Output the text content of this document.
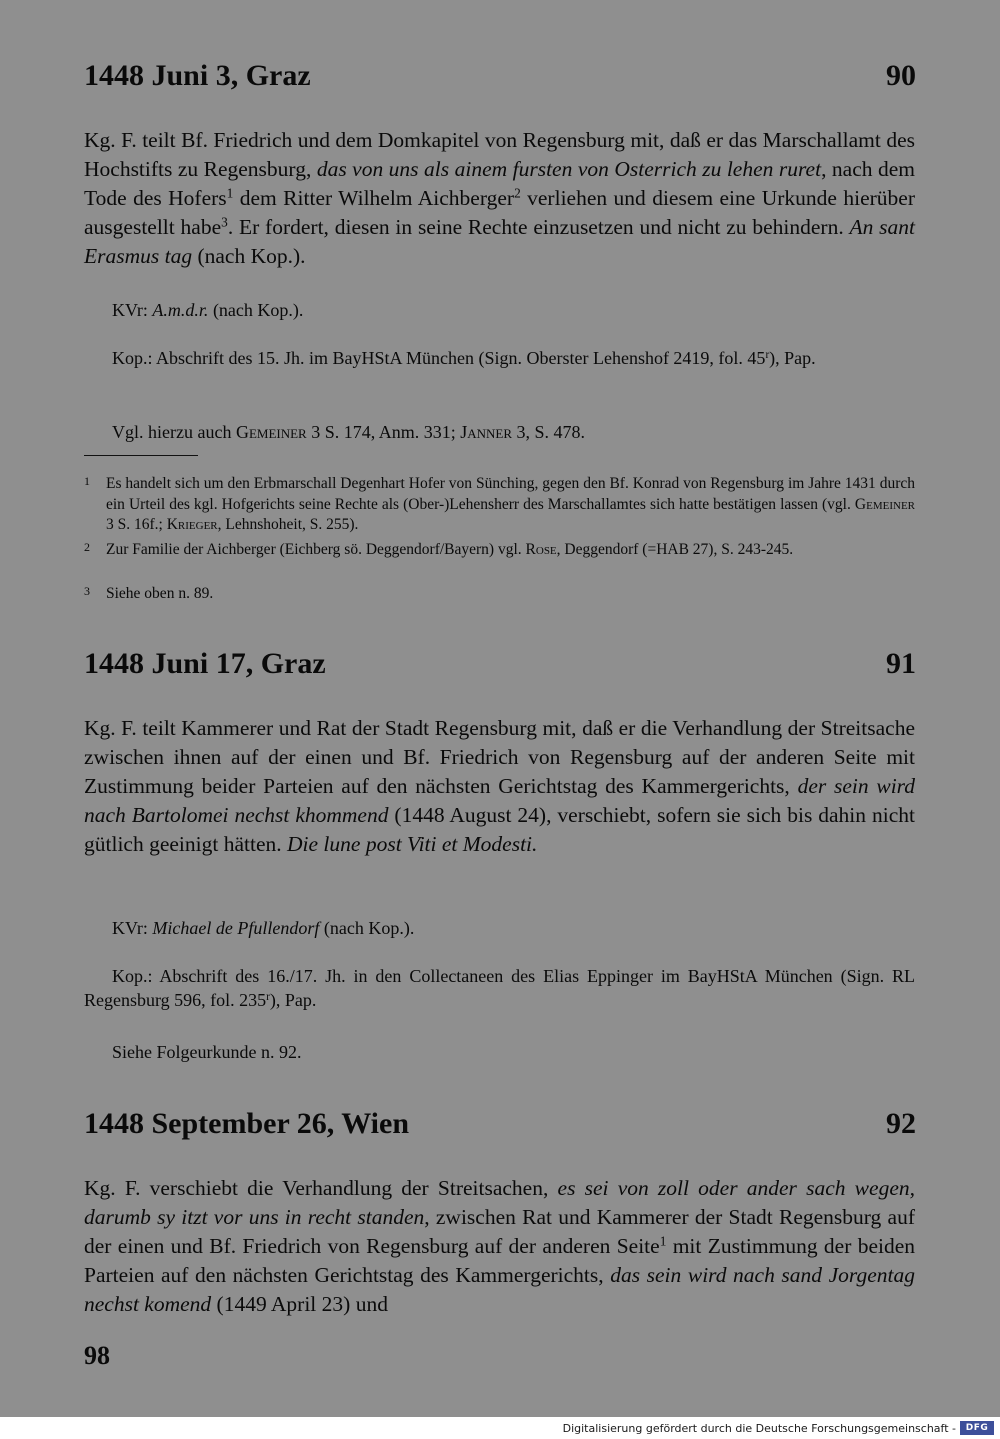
1448 Juni 3, Graz	90

Kg. F. teilt Bf. Friedrich und dem Domkapitel von Regensburg mit, daß er das Marschallamt des Hochstifts zu Regensburg, das von uns als ainem fursten von Osterrich zu lehen ruret, nach dem Tode des Hofers$^1$ dem Ritter Wilhelm Aichberger$^2$ verliehen und diesem eine Urkunde hierüber ausgestellt habe$^3$. Er fordert, diesen in seine Rechte einzusetzen und nicht zu behindern. An sant Erasmus tag (nach Kop.).

KVr: A.m.d.r. (nach Kop.).

Kop.: Abschrift des 15. Jh. im BayHStA München (Sign. Oberster Lehenshof 2419, fol. 45$^r$), Pap.

Vgl. hierzu auch Gemeiner 3 S. 174, Anm. 331; Janner 3, S. 478.

1 Es handelt sich um den Erbmarschall Degenhart Hofer von Sünching, gegen den Bf. Konrad von Regensburg im Jahre 1431 durch ein Urteil des kgl. Hofgerichts seine Rechte als (Ober-)Lehensherr des Marschallamtes sich hatte bestätigen lassen (vgl. Gemeiner 3 S. 16f.; Krieger, Lehnshoheit, S. 255).
2	Zur Familie der Aichberger (Eichberg sö. Deggendorf/Bayern) vgl. Rose, Deggendorf (=HAB 27), S. 243-245.
3 Siehe oben n. 89.
1448 Juni 17, Graz	91

Kg. F. teilt Kammerer und Rat der Stadt Regensburg mit, daß er die Verhandlung der Streitsache zwischen ihnen auf der einen und Bf. Friedrich von Regensburg auf der anderen Seite mit Zustimmung beider Parteien auf den nächsten Gerichtstag des Kammergerichts, der sein wird nach Bartolomei nechst khommend (1448 August 24), verschiebt, sofern sie sich bis dahin nicht gütlich geeinigt hätten. Die lune post Viti et Modesti.

KVr: Michael de Pfullendorf (nach Kop.).

Kop.: Abschrift des 16./17. Jh. in den Collectaneen des Elias Eppinger im BayHStA München (Sign. RL Regensburg 596, fol. 235$^r$), Pap.

Siehe Folgeurkunde n. 92.

1448 September 26, Wien	92

Kg. F. verschiebt die Verhandlung der Streitsachen, es sei von zoll oder ander sach wegen, darumb sy itzt vor uns in recht standen, zwischen Rat und Kammerer der Stadt Regensburg auf der einen und Bf. Friedrich von Regensburg auf der anderen Seite$^1$ mit Zustimmung der beiden Parteien auf den nächsten Gerichtstag des Kammergerichts, das sein wird nach sand Jorgentag nechst komend (1449 April 23) und

98
Digitalisierung gefördert durch die Deutsche Forschungsgemeinschaft -	DFG
